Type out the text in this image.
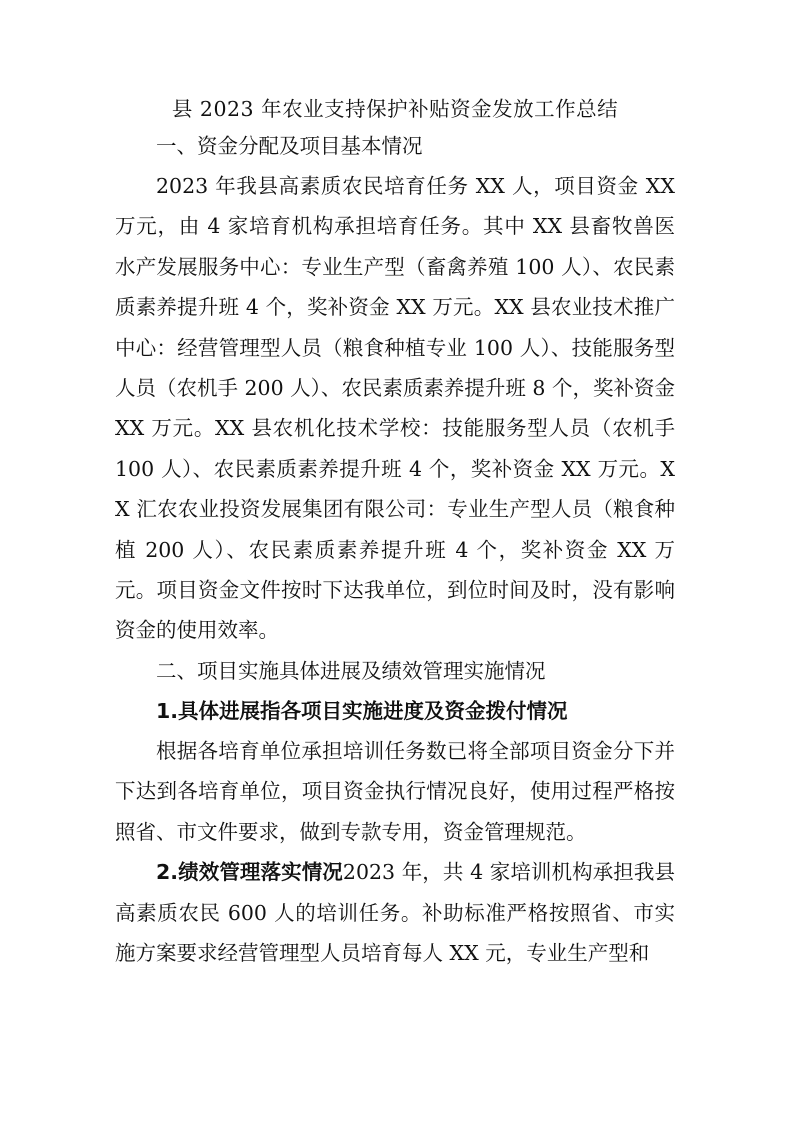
县 2023 年农业支持保护补贴资金发放工作总结
一、资金分配及项目基本情况

2023 年我县高素质农民培育任务 XX 人，项目资金 XX 万元，由 4 家培育机构承担培育任务。其中 XX 县畜牧兽医水产发展服务中心：专业生产型（畜禽养殖 100 人）、农民素质素养提升班 4 个，奖补资金 XX 万元。XX 县农业技术推广中心：经营管理型人员（粮食种植专业 100 人）、技能服务型人员（农机手 200 人）、农民素质素养提升班 8 个，奖补资金 XX 万元。XX 县农机化技术学校：技能服务型人员（农机手 100 人）、农民素质素养提升班 4 个，奖补资金 XX 万元。XX 汇农农业投资发展集团有限公司：专业生产型人员（粮食种植 200 人）、农民素质素养提升班 4 个，奖补资金 XX 万元。项目资金文件按时下达我单位，到位时间及时，没有影响资金的使用效率。

二、项目实施具体进展及绩效管理实施情况
1.具体进展指各项目实施进度及资金拨付情况

根据各培育单位承担培训任务数已将全部项目资金分下并下达到各培育单位，项目资金执行情况良好，使用过程严格按照省、市文件要求，做到专款专用，资金管理规范。

2.绩效管理落实情况2023 年，共 4 家培训机构承担我县高素质农民 600 人的培训任务。补助标准严格按照省、市实施方案要求经营管理型人员培育每人 XX 元，专业生产型和
